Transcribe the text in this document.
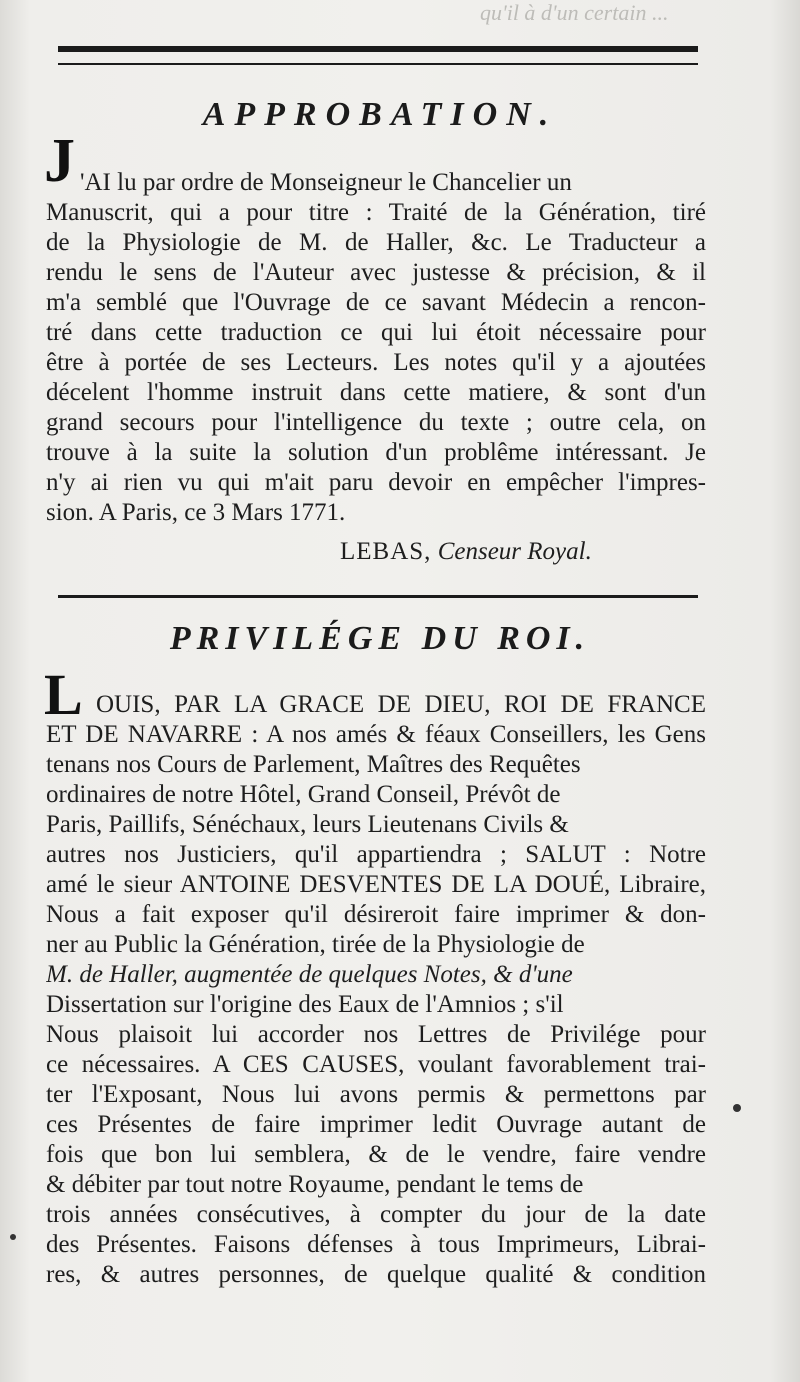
qu'il à d'un certain ...
APPROBATION.
J 'AI lu par ordre de Monseigneur le Chancelier un
Manuscrit, qui a pour titre : Traité de la Génération, tiré
de la Physiologie de M. de Haller, &c. Le Traducteur a
rendu le sens de l'Auteur avec justesse & précision, & il
m'a semblé que l'Ouvrage de ce savant Médecin a rencon-
tré dans cette traduction ce qui lui étoit nécessaire pour
être à portée de ses Lecteurs. Les notes qu'il y a ajoutées
décelent l'homme instruit dans cette matiere, & sont d'un
grand secours pour l'intelligence du texte ; outre cela, on
trouve à la suite la solution d'un problême intéressant. Je
n'y ai rien vu qui m'ait paru devoir en empêcher l'impres-
sion. A Paris, ce 3 Mars 1771.
LEBAS, Censeur Royal.
PRIVILÉGE DU ROI.
L OUIS, PAR LA GRACE DE DIEU, ROI DE FRANCE
ET DE NAVARRE : A nos amés & féaux Conseillers, les Gens
tenans nos Cours de Parlement, Maîtres des Requêtes
ordinaires de notre Hôtel, Grand Conseil, Prévôt de
Paris, Paillifs, Sénéchaux, leurs Lieutenans Civils &
autres nos Justiciers, qu'il appartiendra ; SALUT : Notre
amé le sieur ANTOINE DESVENTES DE LA DOUÉ, Libraire,
Nous a fait exposer qu'il désireroit faire imprimer & don-
ner au Public la Génération, tirée de la Physiologie de
M. de Haller, augmentée de quelques Notes, & d'une
Dissertation sur l'origine des Eaux de l'Amnios ; s'il
Nous plaisoit lui accorder nos Lettres de Privilége pour
ce nécessaires. A CES CAUSES, voulant favorablement trai-
ter l'Exposant, Nous lui avons permis & permettons par
ces Présentes de faire imprimer ledit Ouvrage autant de
fois que bon lui semblera, & de le vendre, faire vendre
& débiter par tout notre Royaume, pendant le tems de
trois années consécutives, à compter du jour de la date
des Présentes. Faisons défenses à tous Imprimeurs, Librai-
res, & autres personnes, de quelque qualité & condition
